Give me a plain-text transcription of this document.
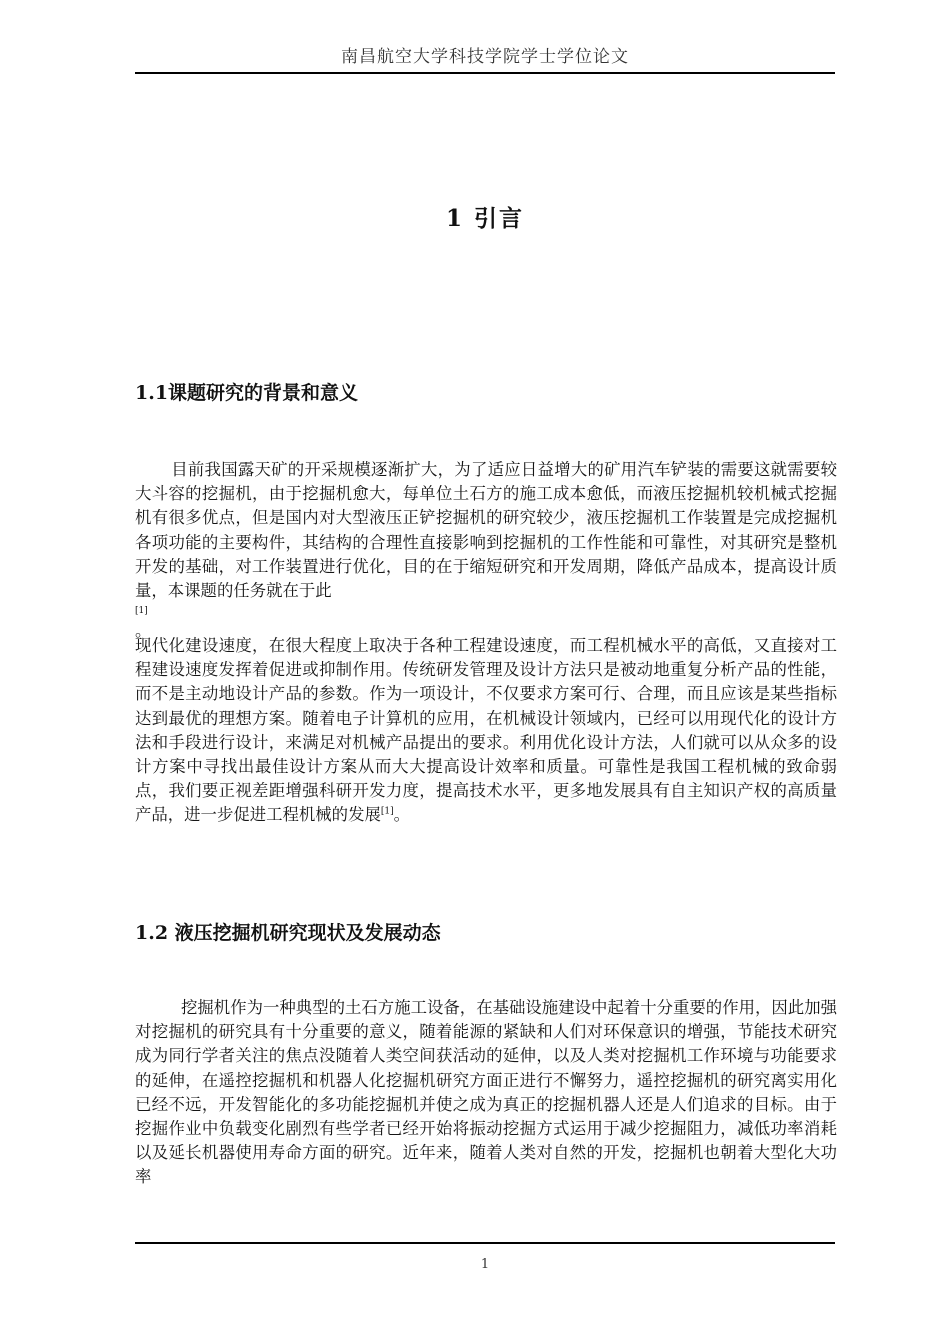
南昌航空大学科技学院学士学位论文
1 引言
1.1课题研究的背景和意义

目前我国露天矿的开采规模逐渐扩大，为了适应日益增大的矿用汽车铲装的需要这就需要较大斗容的挖掘机，由于挖掘机愈大，每单位土石方的施工成本愈低，而液压挖掘机较机械式挖掘机有很多优点，但是国内对大型液压正铲挖掘机的研究较少，液压挖掘机工作装置是完成挖掘机各项功能的主要构件，其结构的合理性直接影响到挖掘机的工作性能和可靠性，对其研究是整机开发的基础，对工作装置进行优化，目的在于缩短研究和开发周期，降低产品成本，提高设计质量，本课题的任务就在于此
[1]
。

现代化建设速度，在很大程度上取决于各种工程建设速度，而工程机械水平的高低，又直接对工程建设速度发挥着促进或抑制作用。传统研发管理及设计方法只是被动地重复分析产品的性能，而不是主动地设计产品的参数。作为一项设计，不仅要求方案可行、合理，而且应该是某些指标达到最优的理想方案。随着电子计算机的应用，在机械设计领域内，已经可以用现代化的设计方法和手段进行设计，来满足对机械产品提出的要求。利用优化设计方法，人们就可以从众多的设计方案中寻找出最佳设计方案从而大大提高设计效率和质量。可靠性是我国工程机械的致命弱点，我们要正视差距增强科研开发力度，提高技术水平，更多地发展具有自主知识产权的高质量产品，进一步促进工程机械的发展[1]。

1.2 液压挖掘机研究现状及发展动态

挖掘机作为一种典型的土石方施工设备，在基础设施建设中起着十分重要的作用，因此加强对挖掘机的研究具有十分重要的意义，随着能源的紧缺和人们对环保意识的增强，节能技术研究成为同行学者关注的焦点没随着人类空间获活动的延伸，以及人类对挖掘机工作环境与功能要求的延伸，在遥控挖掘机和机器人化挖掘机研究方面正进行不懈努力，遥控挖掘机的研究离实用化已经不远，开发智能化的多功能挖掘机并使之成为真正的挖掘机器人还是人们追求的目标。由于挖掘作业中负载变化剧烈有些学者已经开始将振动挖掘方式运用于减少挖掘阻力，减低功率消耗以及延长机器使用寿命方面的研究。近年来，随着人类对自然的开发，挖掘机也朝着大型化大功率

1
